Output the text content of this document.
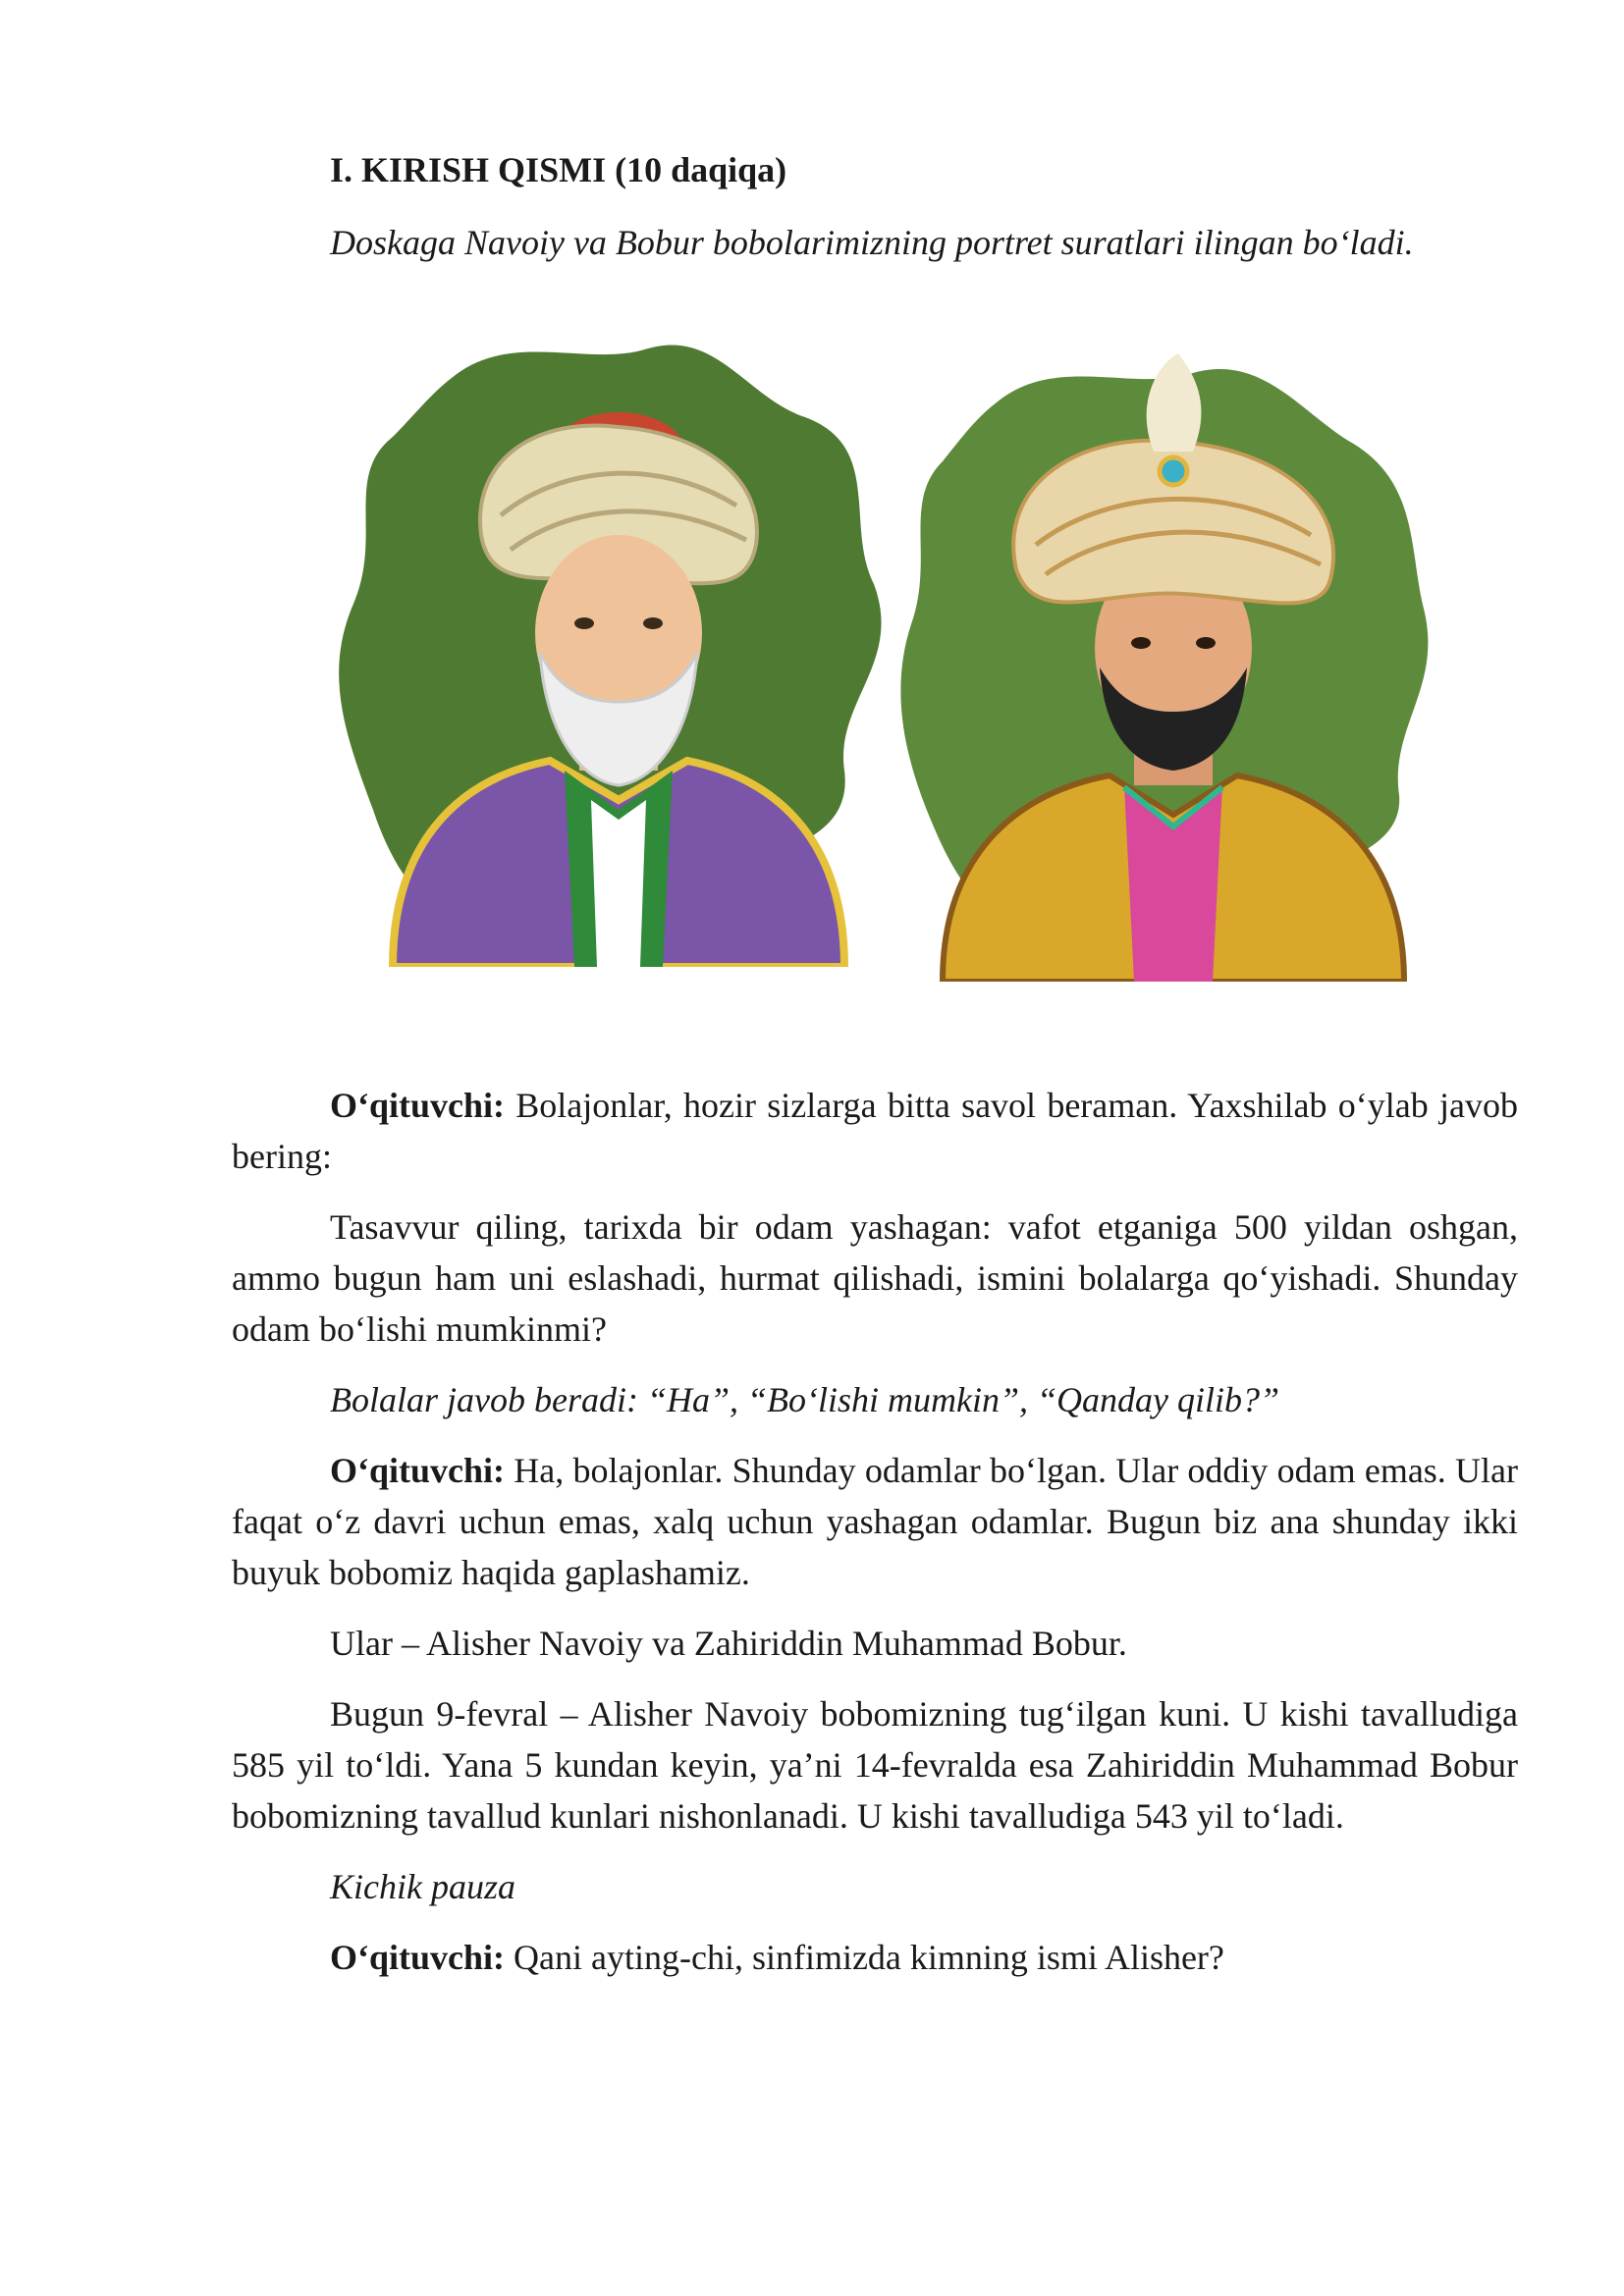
I. KIRISH QISMI (10 daqiqa)
Doskaga Navoiy va Bobur bobolarimizning portret suratlari ilingan bo‘ladi.

O‘qituvchi: Bolajonlar, hozir sizlarga bitta savol beraman. Yaxshilab o‘ylab javob bering:

Tasavvur qiling, tarixda bir odam yashagan: vafot etganiga 500 yildan oshgan, ammo bugun ham uni eslashadi, hurmat qilishadi, ismini bolalarga qo‘yishadi. Shunday odam bo‘lishi mumkinmi?

Bolalar javob beradi: “Ha”, “Bo‘lishi mumkin”, “Qanday qilib?”

O‘qituvchi: Ha, bolajonlar. Shunday odamlar bo‘lgan. Ular oddiy odam emas. Ular faqat o‘z davri uchun emas, xalq uchun yashagan odamlar. Bugun biz ana shunday ikki buyuk bobomiz haqida gaplashamiz.

Ular – Alisher Navoiy va Zahiriddin Muhammad Bobur.

Bugun 9-fevral – Alisher Navoiy bobomizning tug‘ilgan kuni. U kishi tavalludiga 585 yil to‘ldi. Yana 5 kundan keyin, ya’ni 14-fevralda esa Zahiriddin Muhammad Bobur bobomizning tavallud kunlari nishonlanadi. U kishi tavalludiga 543 yil to‘ladi.

Kichik pauza

O‘qituvchi: Qani ayting-chi, sinfimizda kimning ismi Alisher?
